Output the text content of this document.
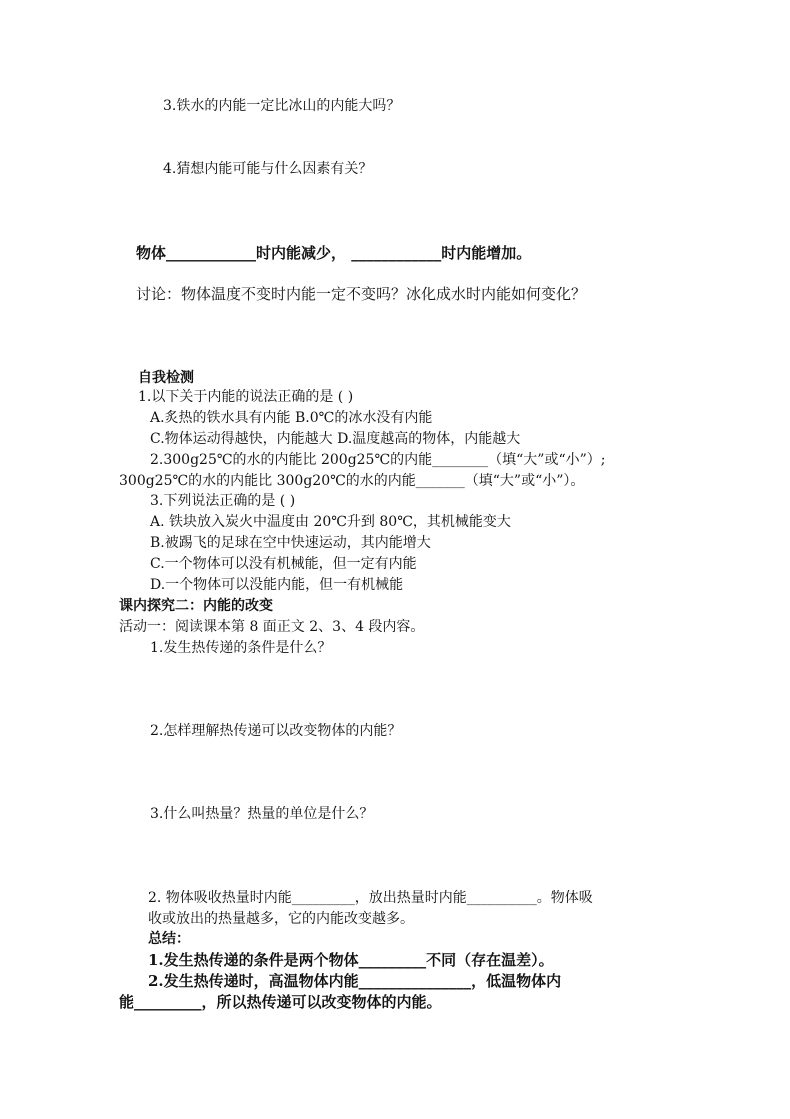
3.铁水的内能一定比冰山的内能大吗？
4.猜想内能可能与什么因素有关？
物体____________时内能减少， ____________时内能增加。
讨论：物体温度不变时内能一定不变吗？冰化成水时内能如何变化？
自我检测
1.以下关于内能的说法正确的是 ( )
A.炙热的铁水具有内能 B.0℃的冰水没有内能
C.物体运动得越快，内能越大 D.温度越高的物体，内能越大
2.300g25℃的水的内能比 200g25℃的内能________（填“大”或“小”）;
300g25℃的水的内能比 300g20℃的水的内能_______（填“大”或“小”）。
3.下列说法正确的是 ( )
A. 铁块放入炭火中温度由 20℃升到 80℃，其机械能变大
B.被踢飞的足球在空中快速运动，其内能增大
C.一个物体可以没有机械能，但一定有内能
D.一个物体可以没能内能，但一有机械能
课内探究二：内能的改变
活动一：阅读课本第 8 面正文 2、3、4 段内容。
1.发生热传递的条件是什么？
2.怎样理解热传递可以改变物体的内能？
3.什么叫热量？热量的单位是什么？
2. 物体吸收热量时内能_________，放出热量时内能__________。物体吸
收或放出的热量越多，它的内能改变越多。
总结：
1.发生热传递的条件是两个物体_________不同（存在温差）。
2.发生热传递时，高温物体内能_______________，低温物体内
能_________，所以热传递可以改变物体的内能。
